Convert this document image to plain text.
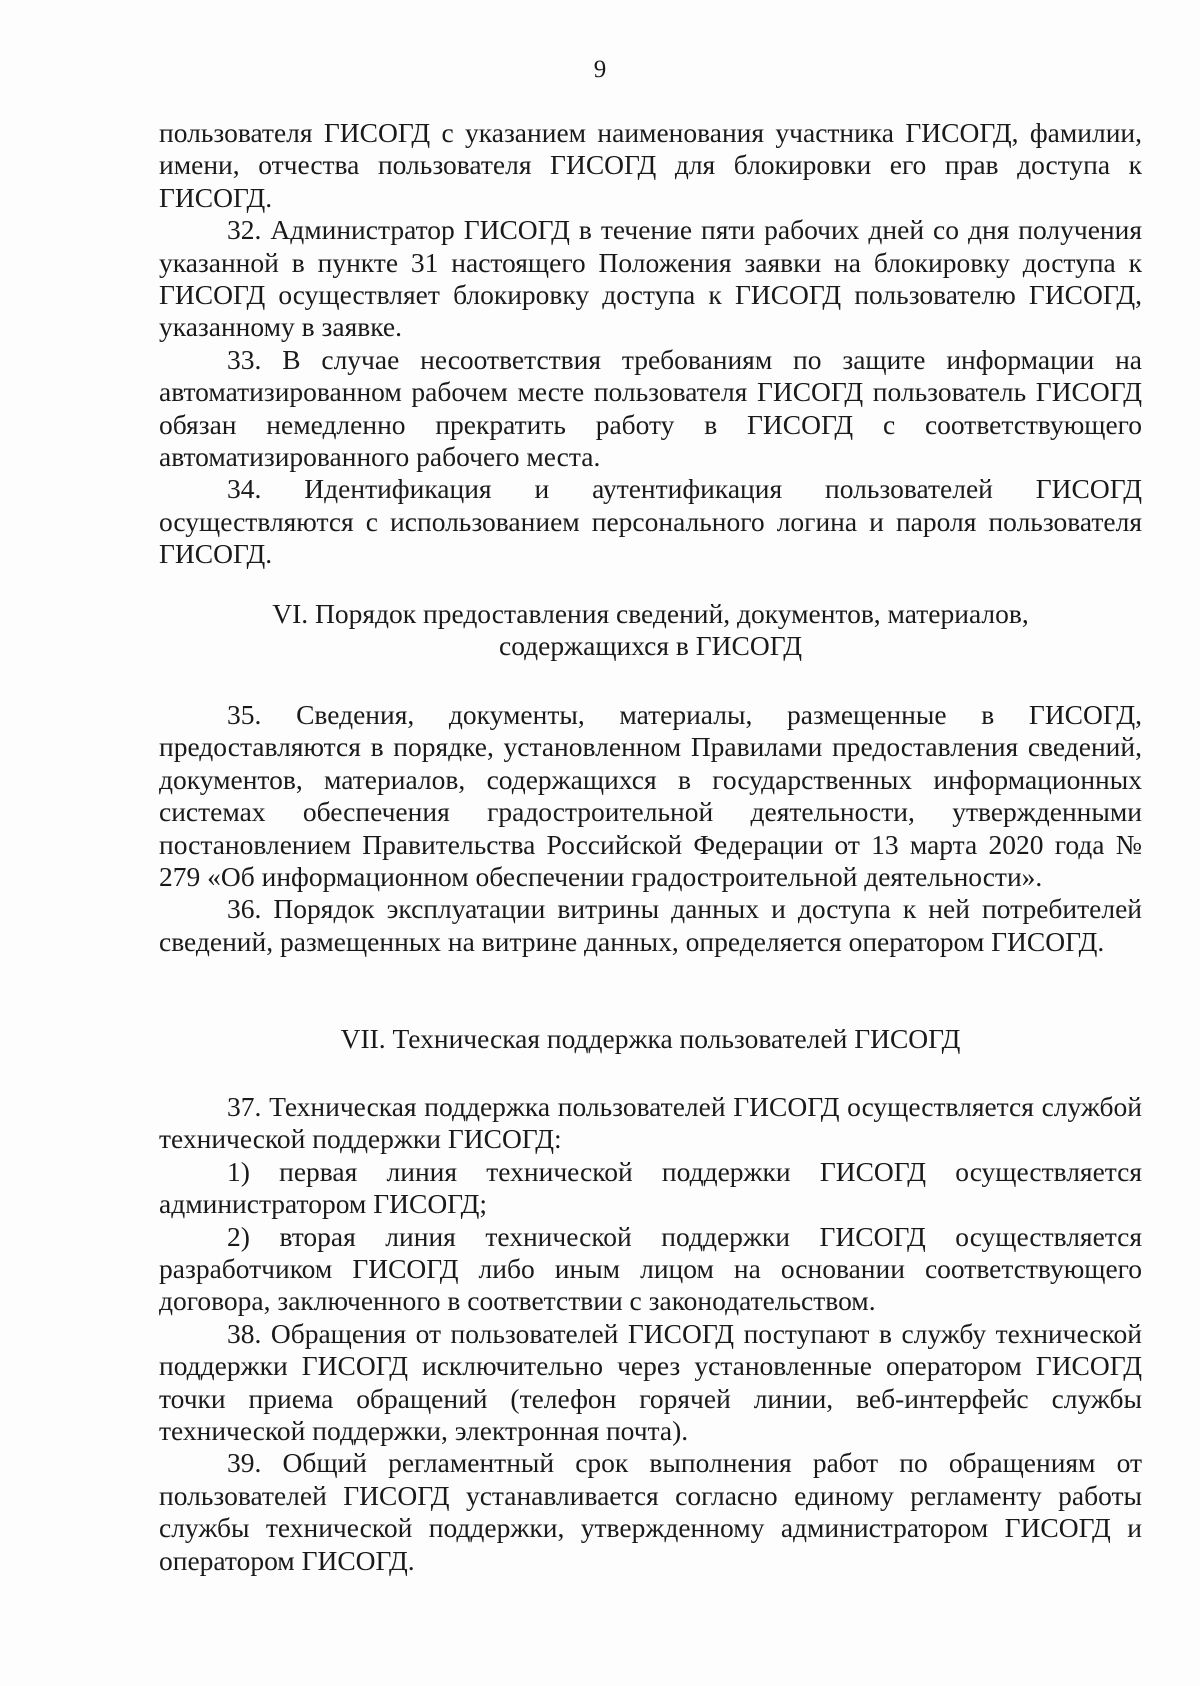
9

пользователя ГИСОГД с указанием наименования участника ГИСОГД, фамилии, имени, отчества пользователя ГИСОГД для блокировки его прав доступа к ГИСОГД.

32. Администратор ГИСОГД в течение пяти рабочих дней со дня получения указанной в пункте 31 настоящего Положения заявки на блокировку доступа к ГИСОГД осуществляет блокировку доступа к ГИСОГД пользователю ГИСОГД, указанному в заявке.

33. В случае несоответствия требованиям по защите информации на автоматизированном рабочем месте пользователя ГИСОГД пользователь ГИСОГД обязан немедленно прекратить работу в ГИСОГД с соответствующего автоматизированного рабочего места.

34. Идентификация и аутентификация пользователей ГИСОГД осуществляются с использованием персонального логина и пароля пользователя ГИСОГД.

VI. Порядок предоставления сведений, документов, материалов,
содержащихся в ГИСОГД

35. Сведения, документы, материалы, размещенные в ГИСОГД, предоставляются в порядке, установленном Правилами предоставления сведений, документов, материалов, содержащихся в государственных информационных системах обеспечения градостроительной деятельности, утвержденными постановлением Правительства Российской Федерации от 13 марта 2020 года № 279 «Об информационном обеспечении градостроительной деятельности».

36. Порядок эксплуатации витрины данных и доступа к ней потребителей сведений, размещенных на витрине данных, определяется оператором ГИСОГД.

VII. Техническая поддержка пользователей ГИСОГД

37. Техническая поддержка пользователей ГИСОГД осуществляется службой технической поддержки ГИСОГД:

1) первая линия технической поддержки ГИСОГД осуществляется администратором ГИСОГД;

2) вторая линия технической поддержки ГИСОГД осуществляется разработчиком ГИСОГД либо иным лицом на основании соответствующего договора, заключенного в соответствии с законодательством.

38. Обращения от пользователей ГИСОГД поступают в службу технической поддержки ГИСОГД исключительно через установленные оператором ГИСОГД точки приема обращений (телефон горячей линии, веб-интерфейс службы технической поддержки, электронная почта).

39. Общий регламентный срок выполнения работ по обращениям от пользователей ГИСОГД устанавливается согласно единому регламенту работы службы технической поддержки, утвержденному администратором ГИСОГД и оператором ГИСОГД.
